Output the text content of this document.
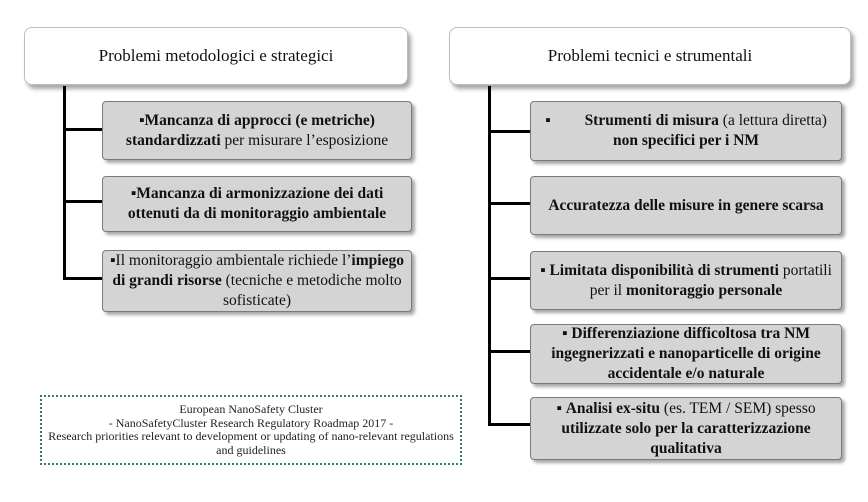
Problemi metodologici e strategici	Problemi tecnici e strumentali
▪Mancanza di approcci (e metriche) standardizzati per misurare l’esposizione
▪Mancanza di armonizzazione dei dati ottenuti da di monitoraggio ambientale
▪Il monitoraggio ambientale richiede l’impiego di grandi risorse (tecniche e metodiche molto sofisticate)
▪ Strumenti di misura (a lettura diretta) non specifici per i NM
Accuratezza delle misure in genere scarsa
▪ Limitata disponibilità di strumenti portatili per il monitoraggio personale
▪ Differenziazione difficoltosa tra NM ingegnerizzati e nanoparticelle di origine accidentale e/o naturale
▪ Analisi ex-situ (es. TEM / SEM) spesso utilizzate solo per la caratterizzazione qualitativa
European NanoSafety Cluster
- NanoSafetyCluster Research Regulatory Roadmap 2017 -
Research priorities relevant to development or updating of nano-relevant regulations and guidelines
